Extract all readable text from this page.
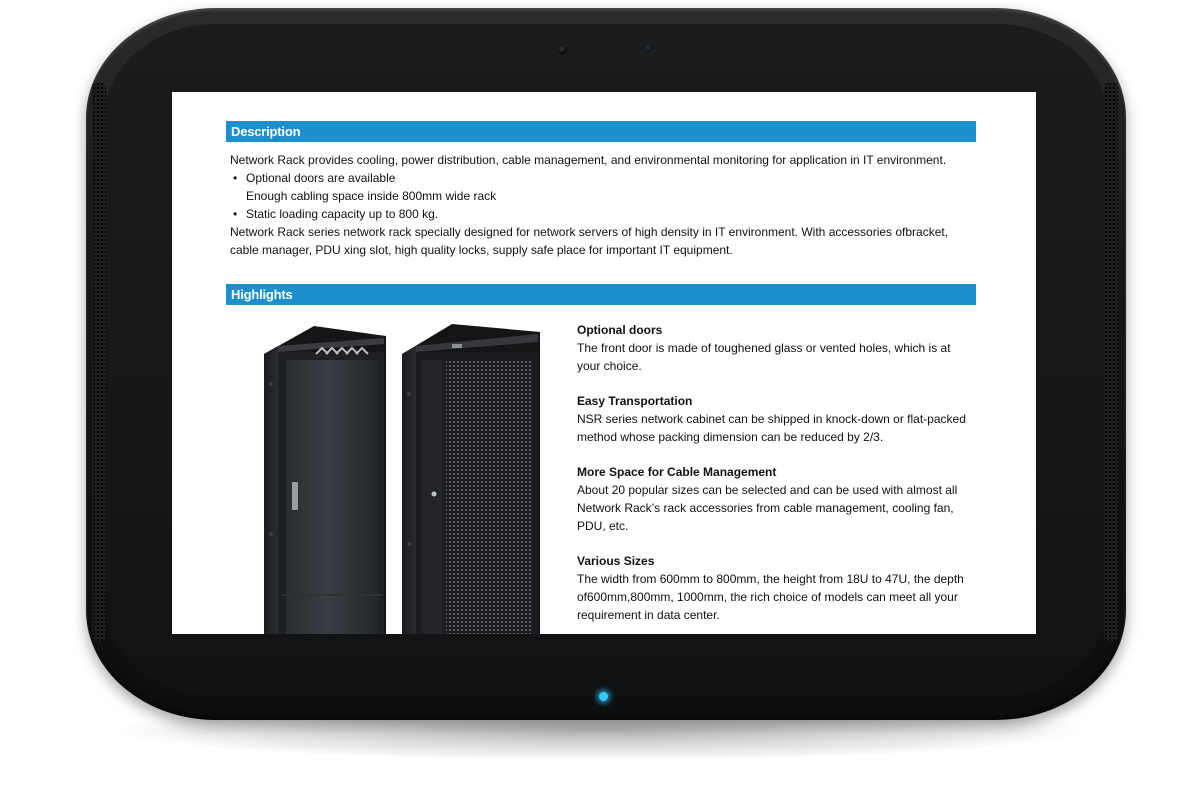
Description

Network Rack provides cooling, power distribution, cable management, and environmental monitoring for application in IT environment.

• Optional doors are available
Enough cabling space inside 800mm wide rack
• Static loading capacity up to 800 kg.

Network Rack series network rack specially designed for network servers of high density in IT environment. With accessories ofbracket, cable manager, PDU xing slot, high quality locks, supply safe place for important IT equipment.

Highlights
Optional doors
The front door is made of toughened glass or vented holes, which is at your choice.
Easy Transportation
NSR series network cabinet can be shipped in knock-down or flat-packed method whose packing dimension can be reduced by 2/3.
More Space for Cable Management
About 20 popular sizes can be selected and can be used with almost all Network Rack’s rack accessories from cable management, cooling fan, PDU, etc.
Various Sizes
The width from 600mm to 800mm, the height from 18U to 47U, the depth of600mm,800mm, 1000mm, the rich choice of models can meet all your requirement in data center.
